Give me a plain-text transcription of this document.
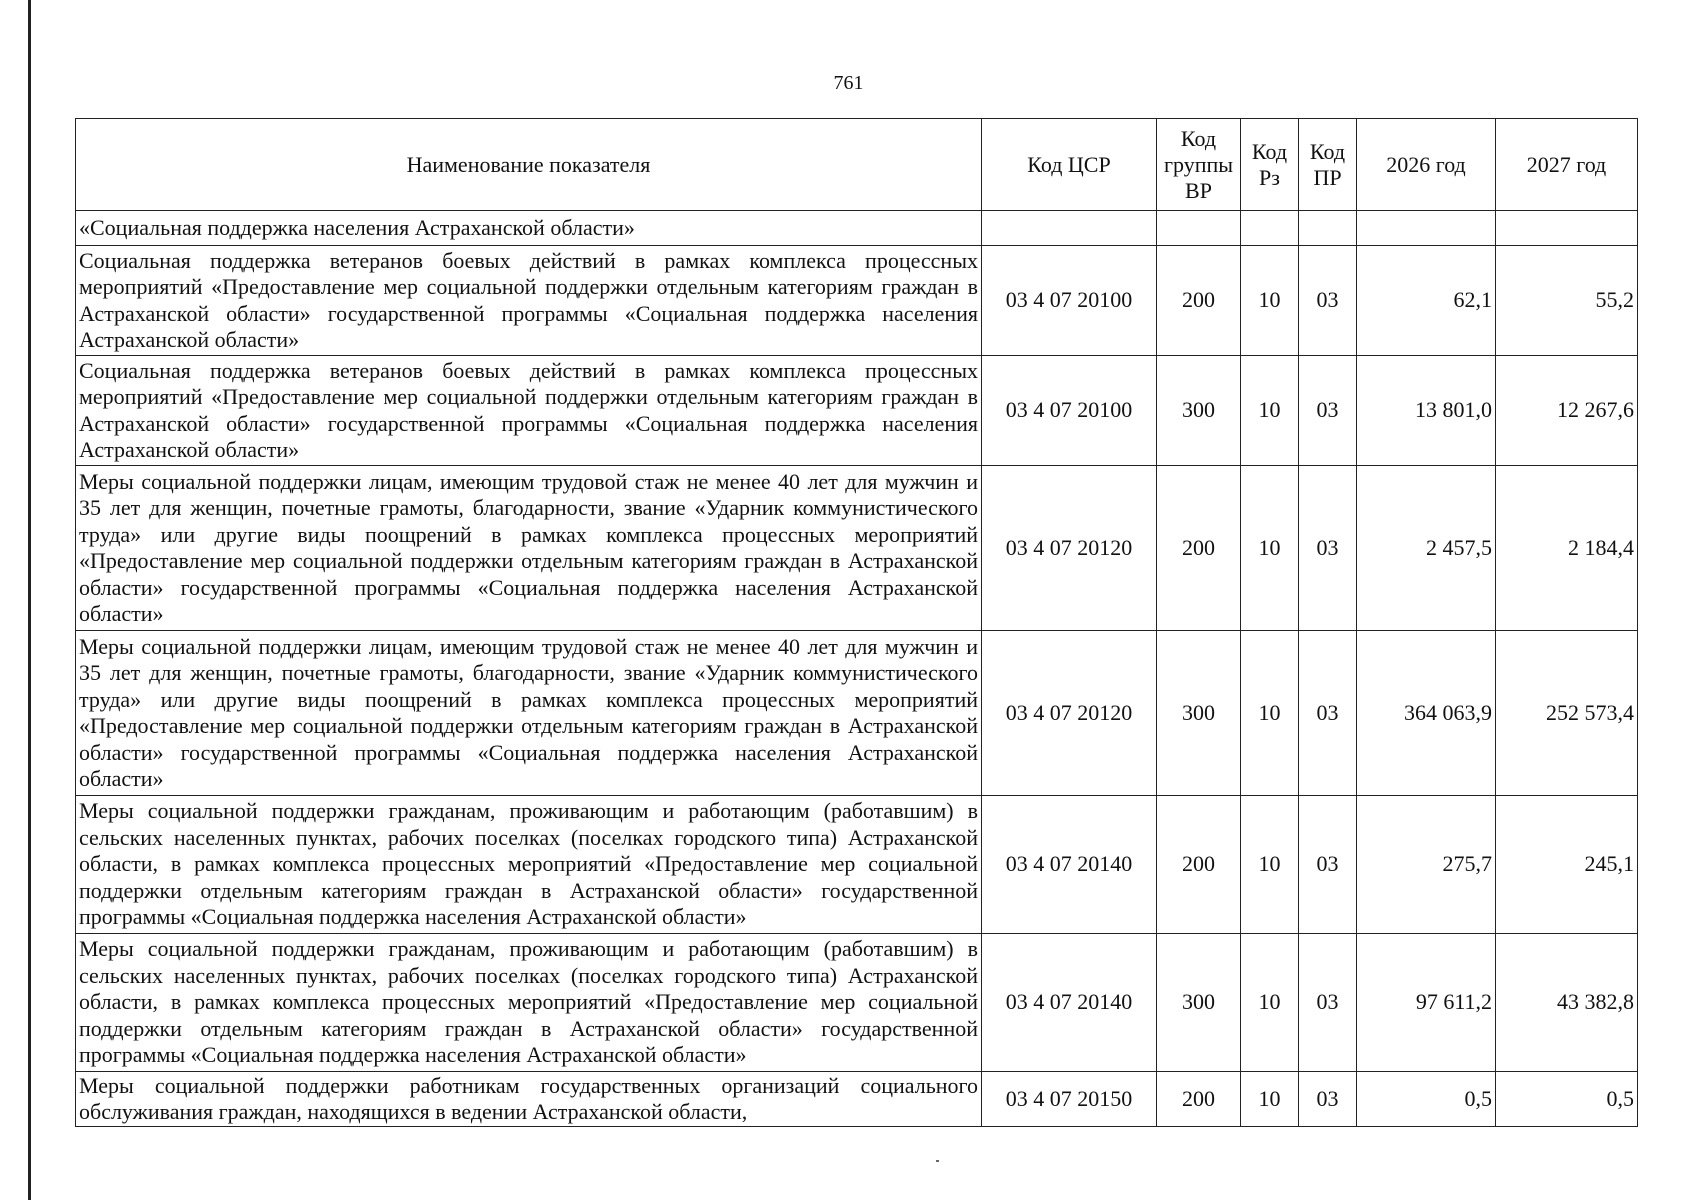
761
Наименование показателя	Код ЦСР	Код группы ВР	Код Рз	Код ПР	2026 год	2027 год
«Социальная поддержка населения Астраханской области»						
Социальная поддержка ветеранов боевых действий в рамках комплекса процессных мероприятий «Предоставление мер социальной поддержки отдельным категориям граждан в Астраханской области» государственной программы «Социальная поддержка населения Астраханской области»	03 4 07 20100	200	10	03	62,1	55,2
Социальная поддержка ветеранов боевых действий в рамках комплекса процессных мероприятий «Предоставление мер социальной поддержки отдельным категориям граждан в Астраханской области» государственной программы «Социальная поддержка населения Астраханской области»	03 4 07 20100	300	10	03	13 801,0	12 267,6
Меры социальной поддержки лицам, имеющим трудовой стаж не менее 40 лет для мужчин и 35 лет для женщин, почетные грамоты, благодарности, звание «Ударник коммунистического труда» или другие виды поощрений в рамках комплекса процессных мероприятий «Предоставление мер социальной поддержки отдельным категориям граждан в Астраханской области» государственной программы «Социальная поддержка населения Астраханской области»	03 4 07 20120	200	10	03	2 457,5	2 184,4
Меры социальной поддержки лицам, имеющим трудовой стаж не менее 40 лет для мужчин и 35 лет для женщин, почетные грамоты, благодарности, звание «Ударник коммунистического труда» или другие виды поощрений в рамках комплекса процессных мероприятий «Предоставление мер социальной поддержки отдельным категориям граждан в Астраханской области» государственной программы «Социальная поддержка населения Астраханской области»	03 4 07 20120	300	10	03	364 063,9	252 573,4
Меры социальной поддержки гражданам, проживающим и работающим (работавшим) в сельских населенных пунктах, рабочих поселках (поселках городского типа) Астраханской области, в рамках комплекса процессных мероприятий «Предоставление мер социальной поддержки отдельным категориям граждан в Астраханской области» государственной программы «Социальная поддержка населения Астраханской области»	03 4 07 20140	200	10	03	275,7	245,1
Меры социальной поддержки гражданам, проживающим и работающим (работавшим) в сельских населенных пунктах, рабочих поселках (поселках городского типа) Астраханской области, в рамках комплекса процессных мероприятий «Предоставление мер социальной поддержки отдельным категориям граждан в Астраханской области» государственной программы «Социальная поддержка населения Астраханской области»	03 4 07 20140	300	10	03	97 611,2	43 382,8
Меры социальной поддержки работникам государственных организаций социального обслуживания граждан, находящихся в ведении Астраханской области,	03 4 07 20150	200	10	03	0,5	0,5
